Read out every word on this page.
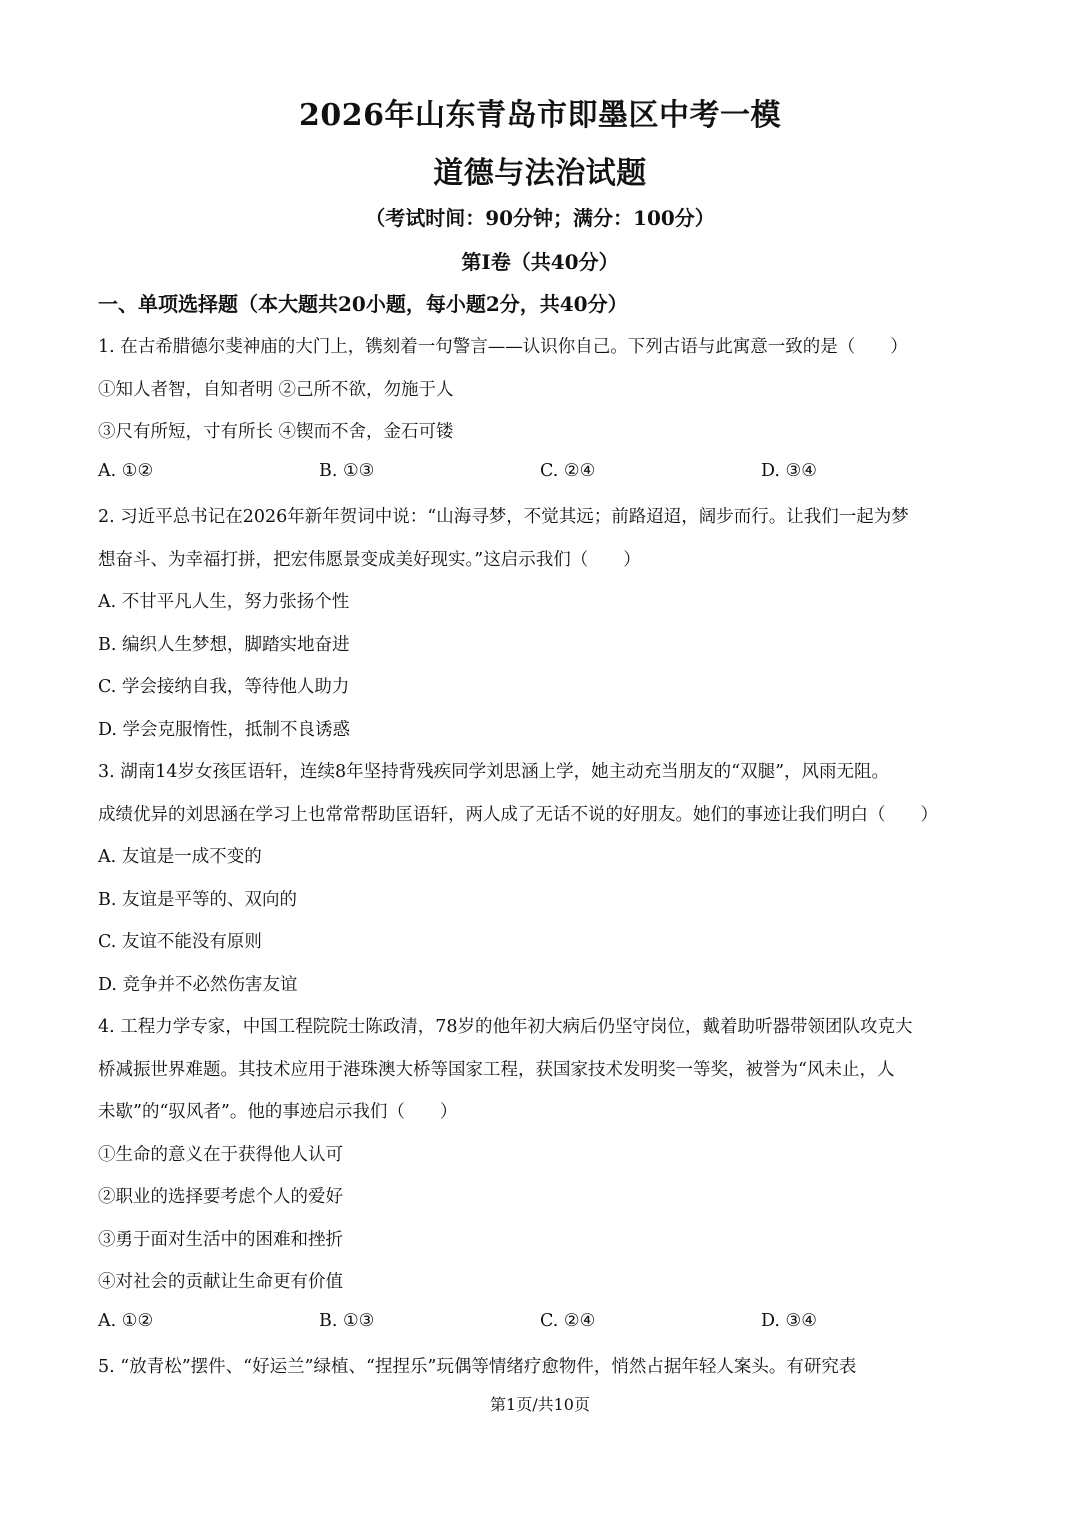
2026年山东青岛市即墨区中考一模
道德与法治试题
（考试时间：90分钟；满分：100分）
第Ⅰ卷（共40分）
一、单项选择题（本大题共20小题，每小题2分，共40分）
1. 在古希腊德尔斐神庙的大门上，镌刻着一句警言——认识你自己。下列古语与此寓意一致的是（　　）
①知人者智，自知者明 ②己所不欲，勿施于人
③尺有所短，寸有所长 ④锲而不舍，金石可镂
A. ①②	B. ①③	C. ②④	D. ③④
2. 习近平总书记在2026年新年贺词中说：“山海寻梦，不觉其远；前路迢迢，阔步而行。让我们一起为梦
想奋斗、为幸福打拼，把宏伟愿景变成美好现实。”这启示我们（　　）
A. 不甘平凡人生，努力张扬个性
B. 编织人生梦想，脚踏实地奋进
C. 学会接纳自我，等待他人助力
D. 学会克服惰性，抵制不良诱惑
3. 湖南14岁女孩匡语轩，连续8年坚持背残疾同学刘思涵上学，她主动充当朋友的“双腿”，风雨无阻。
成绩优异的刘思涵在学习上也常常帮助匡语轩，两人成了无话不说的好朋友。她们的事迹让我们明白（　　）
A. 友谊是一成不变的
B. 友谊是平等的、双向的
C. 友谊不能没有原则
D. 竞争并不必然伤害友谊
4. 工程力学专家，中国工程院院士陈政清，78岁的他年初大病后仍坚守岗位，戴着助听器带领团队攻克大
桥减振世界难题。其技术应用于港珠澳大桥等国家工程，获国家技术发明奖一等奖，被誉为“风未止，人
未歇”的“驭风者”。他的事迹启示我们（　　）
①生命的意义在于获得他人认可
②职业的选择要考虑个人的爱好
③勇于面对生活中的困难和挫折
④对社会的贡献让生命更有价值
A. ①②	B. ①③	C. ②④	D. ③④
5. “放青松”摆件、“好运兰”绿植、“捏捏乐”玩偶等情绪疗愈物件，悄然占据年轻人案头。有研究表
第1页/共10页
